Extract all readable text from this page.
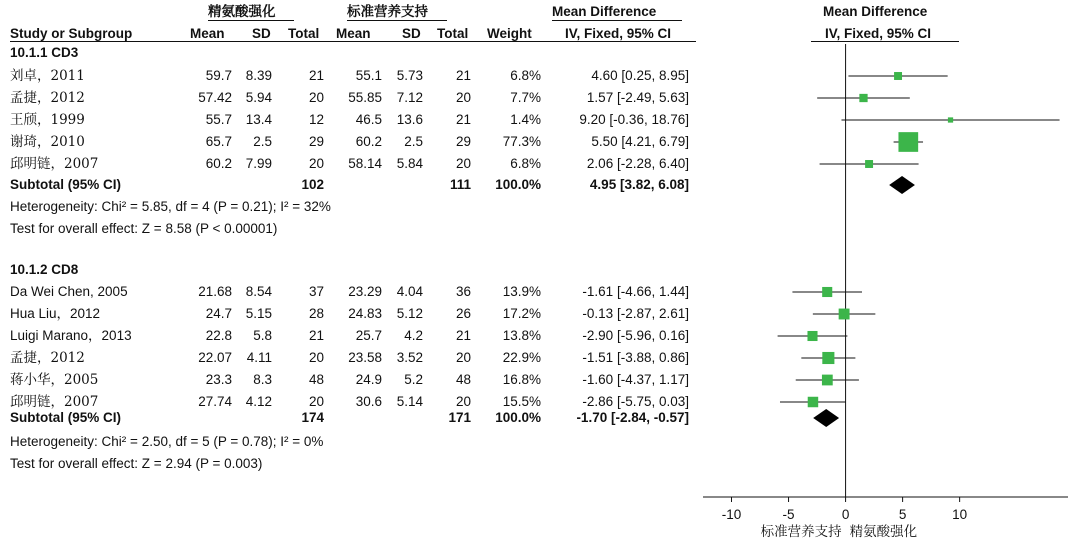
精氨酸强化	标准营养支持	Mean Difference	Mean Difference
Study or Subgroup	Mean SD Total Mean SD Total Weight IV, Fixed, 95% CI	IV, Fixed, 95% CI
10.1.1 CD3
刘卓，2011	59.7 8.39	21 55.1 5.73 21	6.8%	4.60 [0.25, 8.95]
孟捷，2012	57.42 5.94	20 55.85 7.12 20	7.7%	1.57 [-2.49, 5.63]
王颀，1999	55.7 13.4	12 46.5 13.6 21	1.4%	9.20 [-0.36, 18.76]
谢琦，2010	65.7 2.5	29 60.2 2.5 29 77.3%	5.50 [4.21, 6.79]
邱明链，2007	60.2 7.99	20 58.14 5.84 20	6.8%	2.06 [-2.28, 6.40]
Subtotal (95% CI)	102	111 100.0%	4.95 [3.82, 6.08]
Heterogeneity: Chi² = 5.85, df = 4 (P = 0.21); I² = 32%
Test for overall effect: Z = 8.58 (P < 0.00001)
10.1.2 CD8
Da Wei Chen, 2005	21.68 8.54	37 23.29 4.04 36 13.9%	-1.61 [-4.66, 1.44]
Hua Liu，2012	24.7 5.15	28 24.83 5.12 26 17.2%	-0.13 [-2.87, 2.61]
Luigi Marano，2013	22.8 5.8	21 25.7 4.2 21 13.8%	-2.90 [-5.96, 0.16]
孟捷，2012	22.07 4.11	20 23.58 3.52 20 22.9%	-1.51 [-3.88, 0.86]
蒋小华，2005	23.3 8.3	48 24.9 5.2 48 16.8%	-1.60 [-4.37, 1.17]
邱明链，2007	27.74 4.12	20 30.6 5.14 20 15.5%	-2.86 [-5.75, 0.03]
Subtotal (95% CI)	174	171 100.0%	-1.70 [-2.84, -0.57]
Heterogeneity: Chi² = 2.50, df = 5 (P = 0.78); I² = 0%
Test for overall effect: Z = 2.94 (P = 0.003)
-10	-5	0	5	10
标准营养支持 精氨酸强化
